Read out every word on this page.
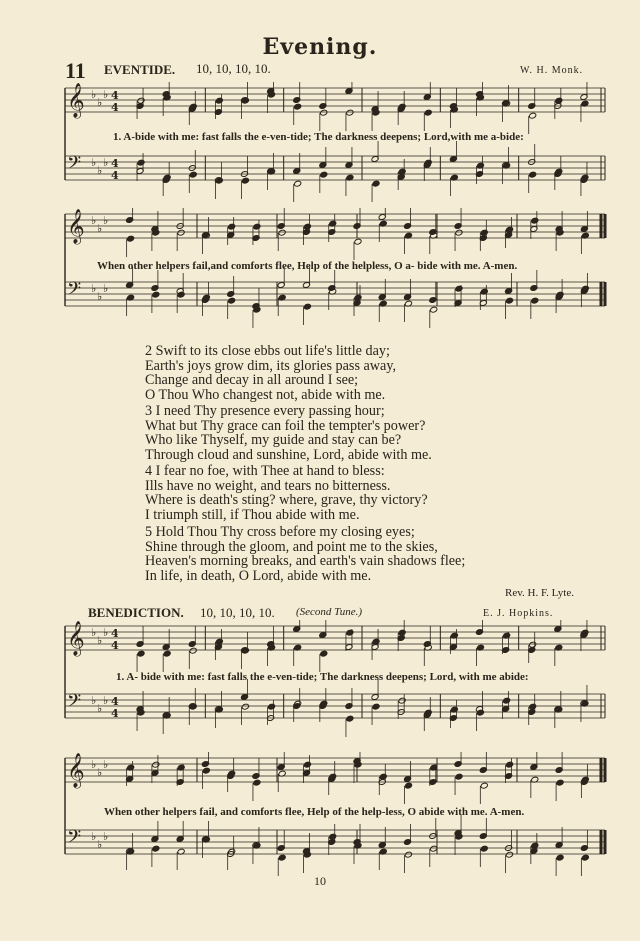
Evening.
11 EVENTIDE. 10, 10, 10, 10.	W. H. Monk.
𝄞 ♭
♭
♭ 4
4
𝄢 ♭
♭
♭ 4
4
1. A-bide with me: fast falls the e-ven-tide; The darkness deepens; Lord,with me a-bide:
𝄞 ♭
♭
♭
𝄢 ♭
♭
♭
When other helpers fail,and comforts flee, Help of the helpless, O a- bide with me. A-men.
2 Swift to its close ebbs out life's little day;
Earth's joys grow dim, its glories pass away,
Change and decay in all around I see;
O Thou Who changest not, abide with me.
3 I need Thy presence every passing hour;
What but Thy grace can foil the tempter's power?
Who like Thyself, my guide and stay can be?
Through cloud and sunshine, Lord, abide with me.
4 I fear no foe, with Thee at hand to bless:
Ills have no weight, and tears no bitterness.
Where is death's sting? where, grave, thy victory?
I triumph still, if Thou abide with me.
5 Hold Thou Thy cross before my closing eyes;
Shine through the gloom, and point me to the skies,
Heaven's morning breaks, and earth's vain shadows flee;
In life, in death, O Lord, abide with me.
Rev. H. F. Lyte.
BENEDICTION. 10, 10, 10, 10. (Second Tune.)	E. J. Hopkins.
𝄞 ♭
♭
♭ 4
4
𝄢 ♭
♭
♭ 4
4
1. A- bide with me: fast falls the e-ven-tide; The darkness deepens; Lord, with me abide:
𝄞 ♭
♭
♭
𝄢 ♭
♭
♭
When other helpers fail, and comforts flee, Help of the help-less, O abide with me. A-men.
10
